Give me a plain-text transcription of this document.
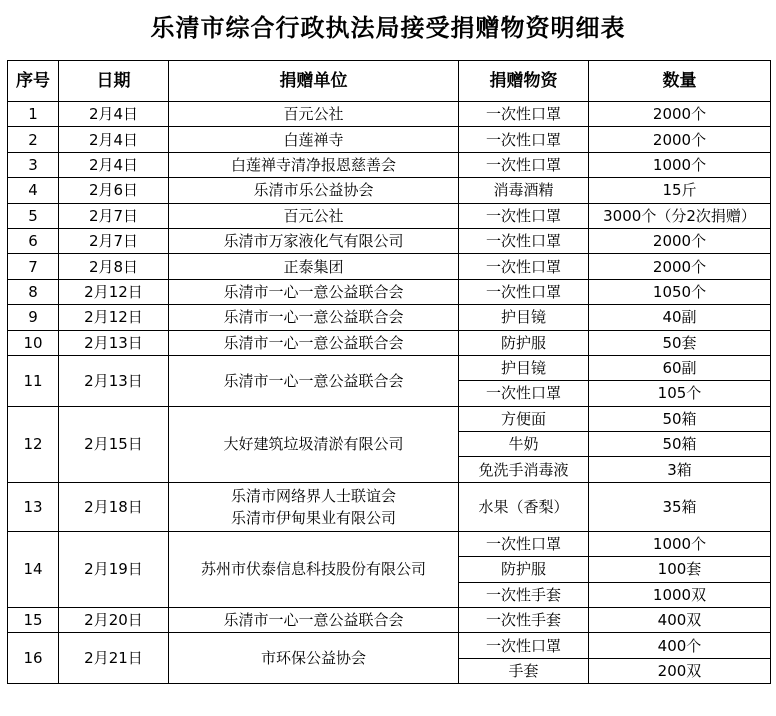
乐清市综合行政执法局接受捐赠物资明细表
序号	日期	捐赠单位	捐赠物资	数量
1	2月4日	百元公社	一次性口罩	2000个
2	2月4日	白莲禅寺	一次性口罩	2000个
3	2月4日	白莲禅寺清净报恩慈善会	一次性口罩	1000个
4	2月6日	乐清市乐公益协会	消毒酒精	15斤
5	2月7日	百元公社	一次性口罩	3000个（分2次捐赠）
6	2月7日	乐清市万家液化气有限公司	一次性口罩	2000个
7	2月8日	正泰集团	一次性口罩	2000个
8	2月12日	乐清市一心一意公益联合会	一次性口罩	1050个
9	2月12日	乐清市一心一意公益联合会	护目镜	40副
10	2月13日	乐清市一心一意公益联合会	防护服	50套
11	2月13日	乐清市一心一意公益联合会	护目镜	60副
			一次性口罩	105个
12	2月15日	大好建筑垃圾清淤有限公司	方便面	50箱
			牛奶	50箱
			免洗手消毒液	3箱
13	2月18日	乐清市网络界人士联谊会
乐清市伊甸果业有限公司	水果（香梨）	35箱
14	2月19日	苏州市伏泰信息科技股份有限公司	一次性口罩	1000个
			防护服	100套
			一次性手套	1000双
15	2月20日	乐清市一心一意公益联合会	一次性手套	400双
16	2月21日	市环保公益协会	一次性口罩	400个
			手套	200双
